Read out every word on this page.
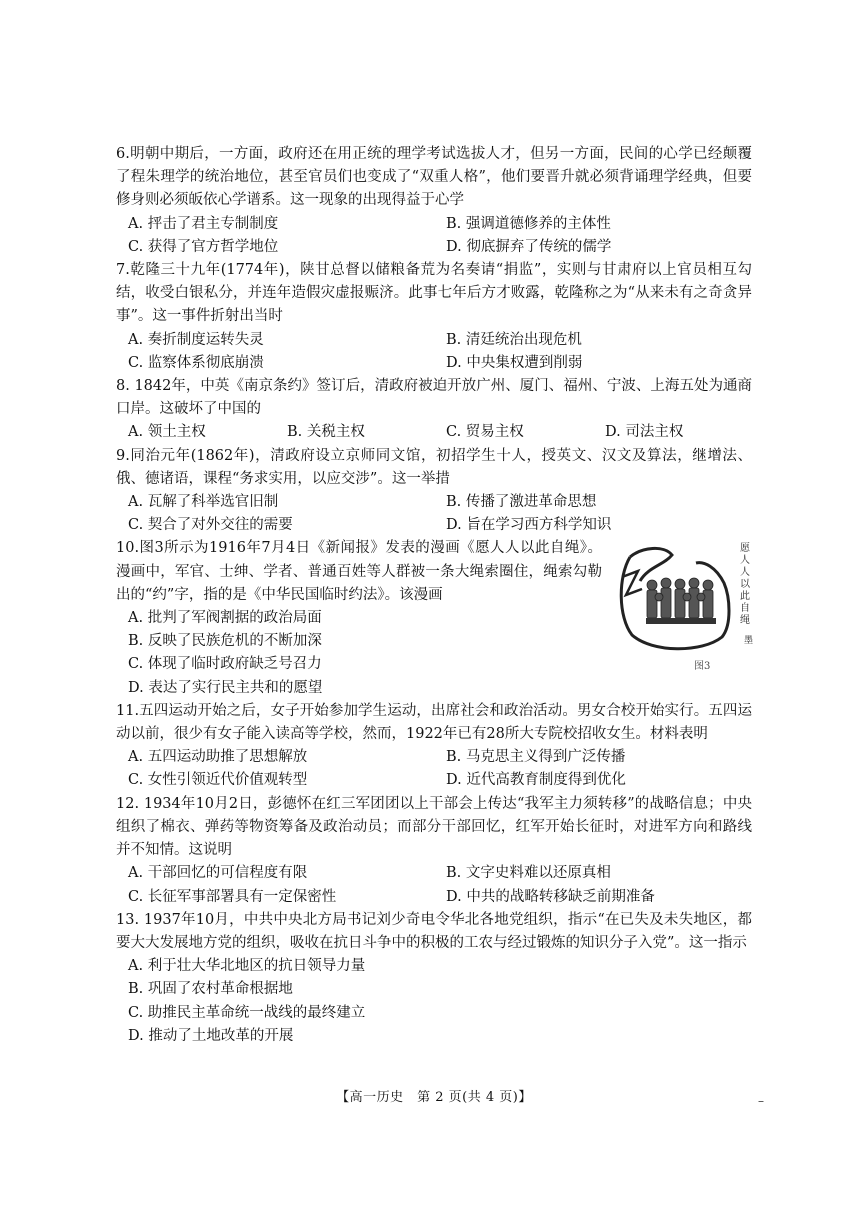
6.明朝中期后，一方面，政府还在用正统的理学考试选拔人才，但另一方面，民间的心学已经颠覆了程朱理学的统治地位，甚至官员们也变成了“双重人格”，他们要晋升就必须背诵理学经典，但要修身则必须皈依心学谱系。这一现象的出现得益于心学

A. 抨击了君主专制制度	B. 强调道德修养的主体性
C. 获得了官方哲学地位	D. 彻底摒弃了传统的儒学

7.乾隆三十九年(1774年)，陕甘总督以储粮备荒为名奏请“捐监”，实则与甘肃府以上官员相互勾结，收受白银私分，并连年造假灾虚报赈济。此事七年后方才败露，乾隆称之为“从来未有之奇贪异事”。这一事件折射出当时

A. 奏折制度运转失灵	B. 清廷统治出现危机
C. 监察体系彻底崩溃	D. 中央集权遭到削弱

8. 1842年，中英《南京条约》签订后，清政府被迫开放广州、厦门、福州、宁波、上海五处为通商口岸。这破坏了中国的

A. 领土主权	B. 关税主权	C. 贸易主权	D. 司法主权

9.同治元年(1862年)，清政府设立京师同文馆，初招学生十人，授英文、汉文及算法，继增法、俄、德诸语，课程“务求实用，以应交涉”。这一举措

A. 瓦解了科举选官旧制	B. 传播了激进革命思想
C. 契合了对外交往的需要	D. 旨在学习西方科学知识

10.图3所示为1916年7月4日《新闻报》发表的漫画《愿人人以此自绳》。漫画中，军官、士绅、学者、普通百姓等人群被一条大绳索圈住，绳索勾勒出的“约”字，指的是《中华民国临时约法》。该漫画

A. 批判了军阀割据的政治局面
B. 反映了民族危机的不断加深
C. 体现了临时政府缺乏号召力
D. 表达了实行民主共和的愿望
愿
人
人
以
此
自
绳
墨
图3

11.五四运动开始之后，女子开始参加学生运动，出席社会和政治活动。男女合校开始实行。五四运动以前，很少有女子能入读高等学校，然而，1922年已有28所大专院校招收女生。材料表明

A. 五四运动助推了思想解放	B. 马克思主义得到广泛传播
C. 女性引领近代价值观转型	D. 近代高教育制度得到优化

12. 1934年10月2日，彭德怀在红三军团团以上干部会上传达“我军主力须转移”的战略信息；中央组织了棉衣、弹药等物资筹备及政治动员；而部分干部回忆，红军开始长征时，对进军方向和路线并不知情。这说明

A. 干部回忆的可信程度有限	B. 文字史料难以还原真相
C. 长征军事部署具有一定保密性	D. 中共的战略转移缺乏前期准备

13. 1937年10月，中共中央北方局书记刘少奇电令华北各地党组织，指示“在已失及未失地区，都要大大发展地方党的组织，吸收在抗日斗争中的积极的工农与经过锻炼的知识分子入党”。这一指示

A. 利于壮大华北地区的抗日领导力量
B. 巩固了农村革命根据地
C. 助推民主革命统一战线的最终建立
D. 推动了土地改革的开展
【高一历史　第 2 页(共 4 页)】	–
